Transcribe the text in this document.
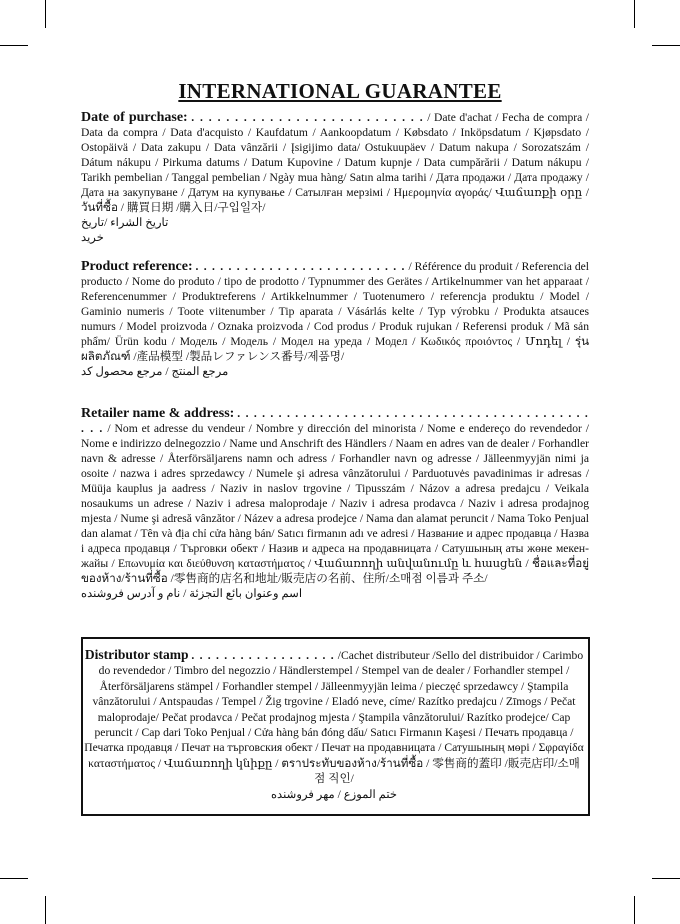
INTERNATIONAL GUARANTEE
Date of purchase: . . . . . . . . . . . . . . . . . . . . . . . . . . . / Date d'achat / Fecha de compra / Data da compra / Data d'acquisto / Kaufdatum / Aankoopdatum / Købsdato / Inköpsdatum / Kjøpsdato / Ostopäivä / Data zakupu / Data vânzării / Įsigijimo data/ Ostukuupäev / Datum nakupa / Sorozatszám / Dátum nákupu / Pirkuma datums / Datum Kupovine / Datum kupnje / Data cumpărării / Datum nákupu / Tarikh pembelian / Tanggal pembelian / Ngày mua hàng/ Satın alma tarihi / Дата продажи / Дата продажу / Дата на закупуване / Датум на купување / Сатылған мерзімі / Ημερομηνία αγοράς/ Վաճառքի օրը /วันที่ซื้อ / 購買日期 /購入日/구입일자/
تاريخ الشراء /تاريخ خرید
Product reference: . . . . . . . . . . . . . . . . . . . . . . . . . . / Référence du produit / Referencia del producto / Nome do produto / tipo de prodotto / Typnummer des Gerätes / Artikelnummer van het apparaat / Referencenummer / Produktreferens / Artikkelnummer / Tuotenumero / referencja produktu / Model / Gaminio numeris / Toote viitenumber / Tip aparata / Vásárlás kelte / Typ výrobku / Produkta atsauces numurs / Model proizvoda / Oznaka proizvoda / Cod produs / Produk rujukan / Referensi produk / Mã sản phẩm/ Ürün kodu / Модель / Модель / Модел на уреда / Модел / Κωδικός προιόντος / Մոդել / รุ่นผลิตภัณฑ์ /產品模型 /製品レファレンス番号/제품명/
مرجع المنتج / مرجع محصول کد
Retailer name & address: . . . . . . . . . . . . . . . . . . . . . . . . . . . . . . . . . . . . . . . . . . . . . . / Nom et adresse du vendeur / Nombre y dirección del minorista / Nome e endereço do revendedor / Nome e indirizzo delnegozzio / Name und Anschrift des Händlers / Naam en adres van de dealer / Forhandler navn & adresse / Återförsäljarens namn och adress / Forhandler navn og adresse / Jälleenmyyjän nimi ja osoite / nazwa i adres sprzedawcy / Numele şi adresa vânzătorului / Parduotuvės pavadinimas ir adresas / Müüja kauplus ja aadress / Naziv in naslov trgovine / Tipusszám / Názov a adresa predajcu / Veikala nosaukums un adrese / Naziv i adresa maloprodaje / Naziv i adresa prodavca / Naziv i adresa prodajnog mjesta / Nume şi adresă vânzător / Název a adresa prodejce / Nama dan alamat peruncit / Nama Toko Penjual dan alamat / Tên và địa chỉ cửa hàng bán/ Satıcı firmanın adı ve adresi / Название и адрес продавца / Назва і адреса продавця / Търговки обект / Назив и адреса на продавницата / Сатушының аты жөне мекен-жайы / Επωνυμία και διεύθυνση καταστήματος / Վաճառողի անվանումը և հասցեն / ชื่อและที่อยู่ของห้าง/ร้านที่ซื้อ /零售商的店名和地址/販売店の名前、住所/소매점 이름과 주소/
اسم وعنوان بائع التجزئة / نام و آدرس فروشنده
Distributor stamp . . . . . . . . . . . . . . . . . . /Cachet distributeur /Sello del distribuidor / Carimbo do revendedor / Timbro del negozzio / Händlerstempel / Stempel van de dealer / Forhandler stempel / Återförsäljarens stämpel / Forhandler stempel / Jälleenmyyjän leima / pieczęć sprzedawcy / Ştampila vânzătorului / Antspaudas / Tempel / Žig trgovine / Eladó neve, címe/ Razítko predajcu / Zīmogs / Pečat maloprodaje/ Pečat prodavca / Pečat prodajnog mjesta / Ştampila vânzătorului/ Razítko prodejce/ Cap peruncit / Cap dari Toko Penjual / Cửa hàng bán đóng dấu/ Satıcı Firmanın Kaşesi / Печать продавца / Печатка продавця / Печат на търговския обект / Печат на продавницата / Сатушының мөрі / Σφραγίδα καταστήματος / Վաճառողի կնիքը / ตราประทับของห้าง/ร้านที่ซื้อ / 零售商的蓋印 /販売店印/소매점 직인/
ختم الموزع / مهر فروشنده
